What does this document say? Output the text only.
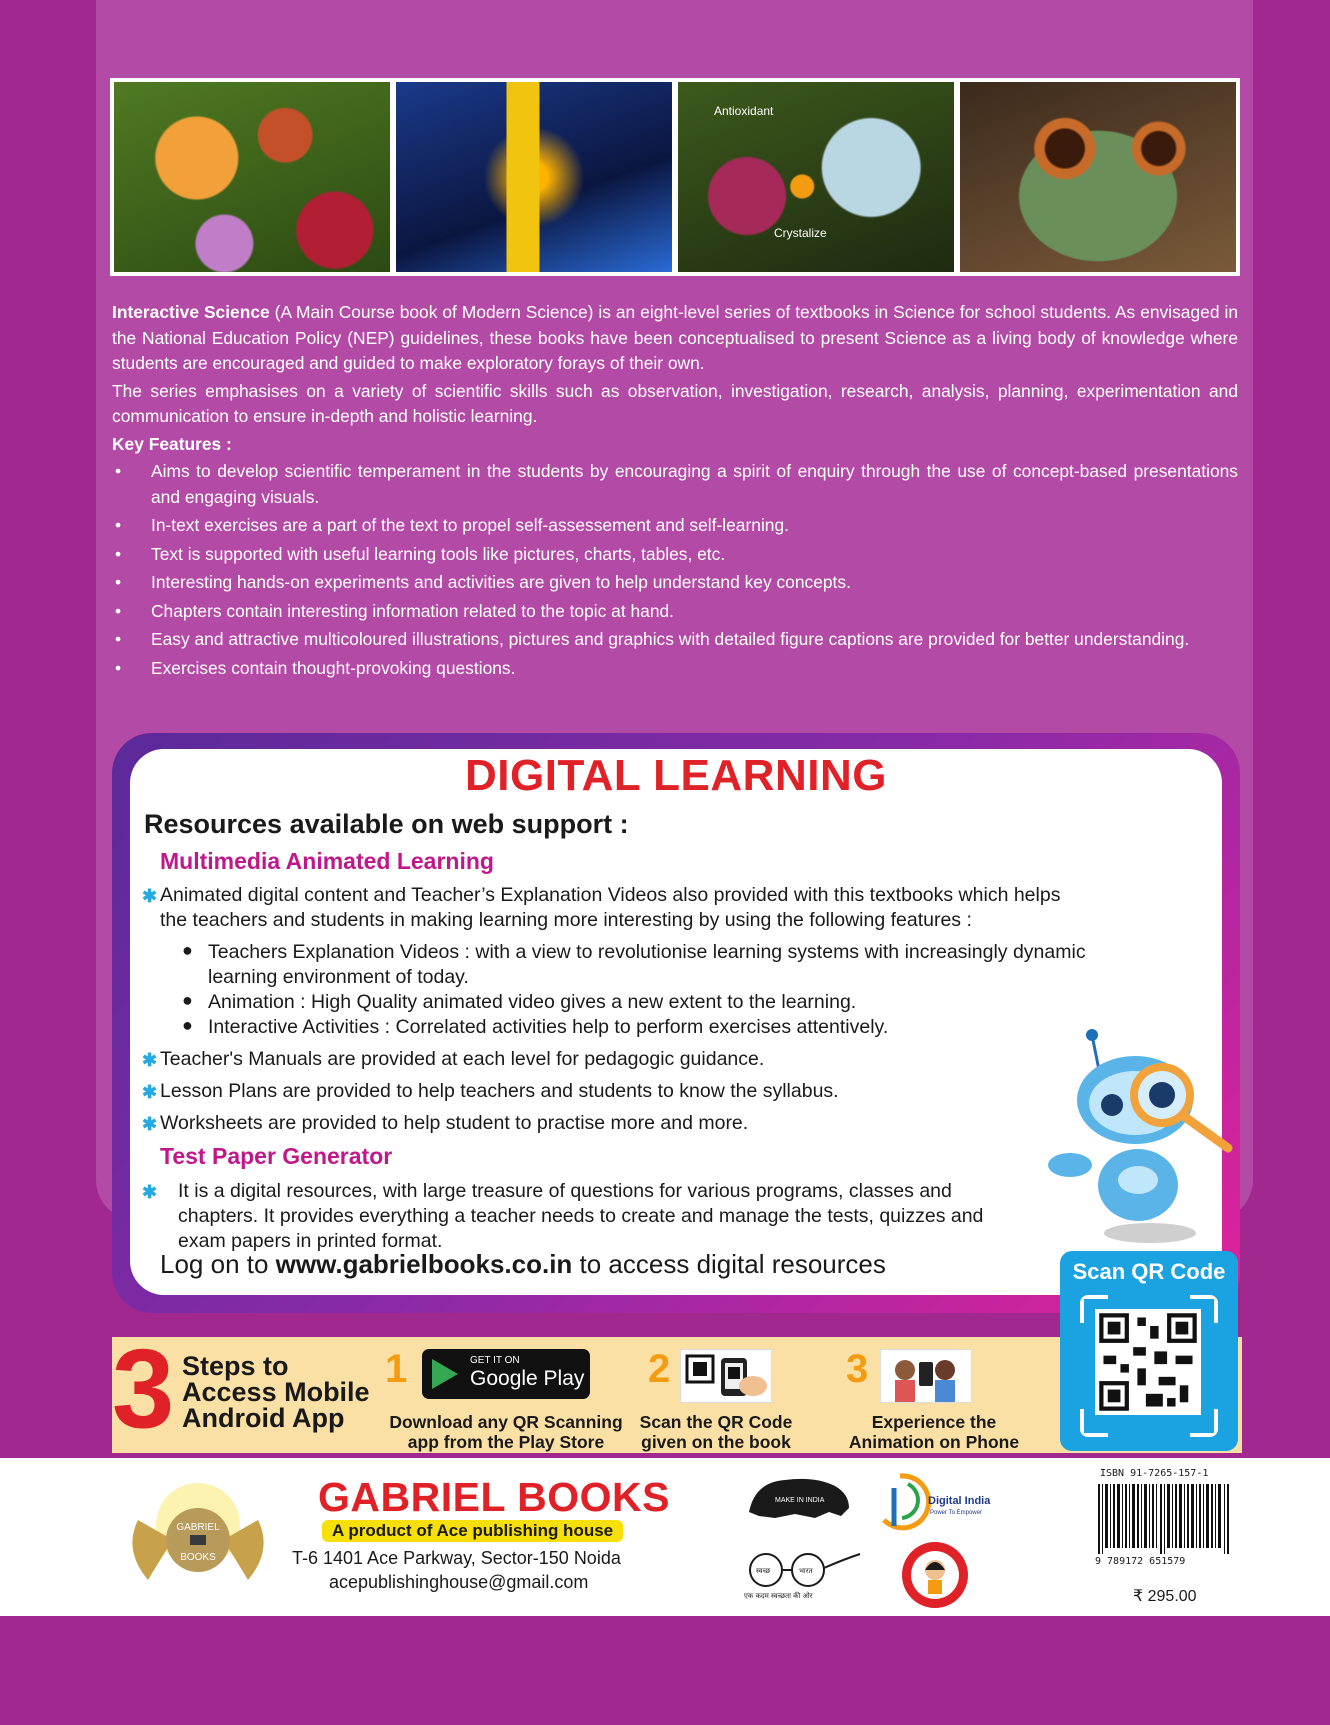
Antioxidant
Crystalize

Interactive Science (A Main Course book of Modern Science) is an eight-level series of textbooks in Science for school students. As envisaged in the National Education Policy (NEP) guidelines, these books have been conceptualised to present Science as a living body of knowledge where students are encouraged and guided to make exploratory forays of their own.

The series emphasises on a variety of scientific skills such as observation, investigation, research, analysis, planning, experimentation and communication to ensure in-depth and holistic learning.

Key Features :
• Aims to develop scientific temperament in the students by encouraging a spirit of enquiry through the use of concept-based presentations and engaging visuals.
• In-text exercises are a part of the text to propel self-assessement and self-learning.
• Text is supported with useful learning tools like pictures, charts, tables, etc.
• Interesting hands-on experiments and activities are given to help understand key concepts.
• Chapters contain interesting information related to the topic at hand.
• Easy and attractive multicoloured illustrations, pictures and graphics with detailed figure captions are provided for better understanding.
• Exercises contain thought-provoking questions.
DIGITAL LEARNING
Resources available on web support :
Multimedia Animated Learning
✱ Animated digital content and Teacher’s Explanation Videos also provided with this textbooks which helps
the teachers and students in making learning more interesting by using the following features :
● Teachers Explanation Videos : with a view to revolutionise learning systems with increasingly dynamic
learning environment of today.
● Animation : High Quality animated video gives a new extent to the learning.
● Interactive Activities : Correlated activities help to perform exercises attentively.
✱ Teacher's Manuals are provided at each level for pedagogic guidance.
✱ Lesson Plans are provided to help teachers and students to know the syllabus.
✱ Worksheets are provided to help student to practise more and more.
Test Paper Generator
✱ It is a digital resources, with large treasure of questions for various programs, classes and
chapters. It provides everything a teacher needs to create and manage the tests, quizzes and
exam papers in printed format.
Log on to www.gabrielbooks.co.in to access digital resources
3 Steps to
Access Mobile
Android App
1	GET IT ON
Google Play
Download any QR Scanning
app from the Play Store
2
Scan the QR Code
given on the book
3
Experience the
Animation on Phone
Scan QR Code
GABRIEL
BOOKS
GABRIEL BOOKS
A product of Ace publishing house
T-6 1401 Ace Parkway, Sector-150 Noida
acepublishinghouse@gmail.com
MAKE IN INDIA	Digital India
Power To Empower
स्वच्छ	भारत
एक कदम स्वच्छता की ओर
ISBN 91-7265-157-1
9 789172 651579
₹ 295.00
